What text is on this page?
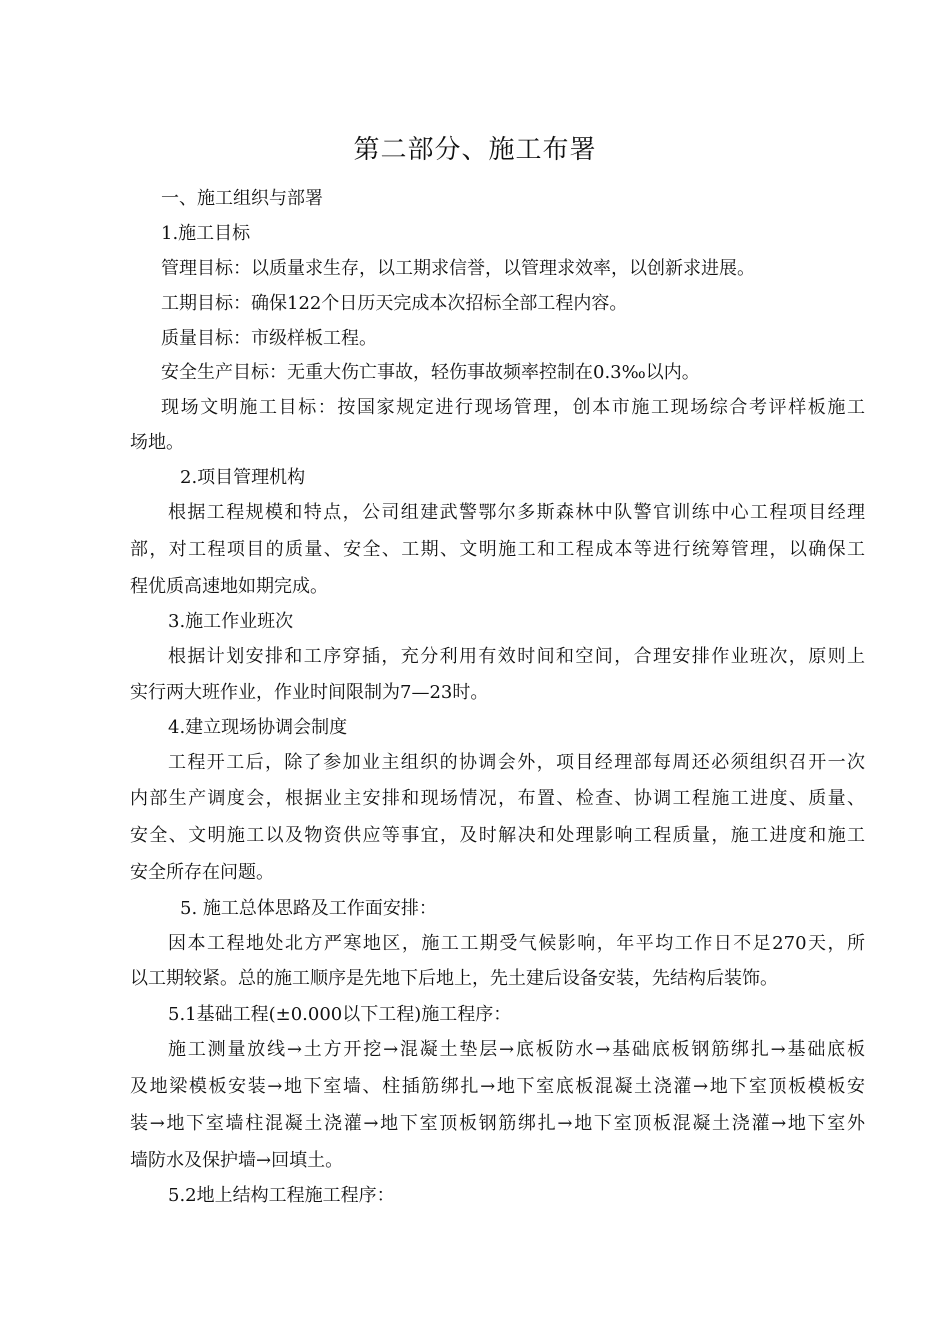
第二部分、施工布署
一、施工组织与部署
1.施工目标
管理目标：以质量求生存，以工期求信誉，以管理求效率，以创新求进展。
工期目标：确保122个日历天完成本次招标全部工程内容。
质量目标：市级样板工程。
安全生产目标：无重大伤亡事故，轻伤事故频率控制在0.3‰以内。
现场文明施工目标：按国家规定进行现场管理，创本市施工现场综合考评样板施工
场地。
2.项目管理机构
根据工程规模和特点，公司组建武警鄂尔多斯森林中队警官训练中心工程项目经理
部，对工程项目的质量、安全、工期、文明施工和工程成本等进行统筹管理，以确保工
程优质高速地如期完成。
3.施工作业班次
根据计划安排和工序穿插，充分利用有效时间和空间，合理安排作业班次，原则上
实行两大班作业，作业时间限制为7—23时。
4.建立现场协调会制度
工程开工后，除了参加业主组织的协调会外，项目经理部每周还必须组织召开一次
内部生产调度会，根据业主安排和现场情况，布置、检查、协调工程施工进度、质量、
安全、文明施工以及物资供应等事宜，及时解决和处理影响工程质量，施工进度和施工
安全所存在问题。
5. 施工总体思路及工作面安排：
因本工程地处北方严寒地区，施工工期受气候影响，年平均工作日不足270天，所
以工期较紧。总的施工顺序是先地下后地上，先土建后设备安装，先结构后装饰。
5.1基础工程(±0.000以下工程)施工程序：
施工测量放线→土方开挖→混凝土垫层→底板防水→基础底板钢筋绑扎→基础底板
及地梁模板安装→地下室墙、柱插筋绑扎→地下室底板混凝土浇灌→地下室顶板模板安
装→地下室墙柱混凝土浇灌→地下室顶板钢筋绑扎→地下室顶板混凝土浇灌→地下室外
墙防水及保护墙→回填土。
5.2地上结构工程施工程序：
